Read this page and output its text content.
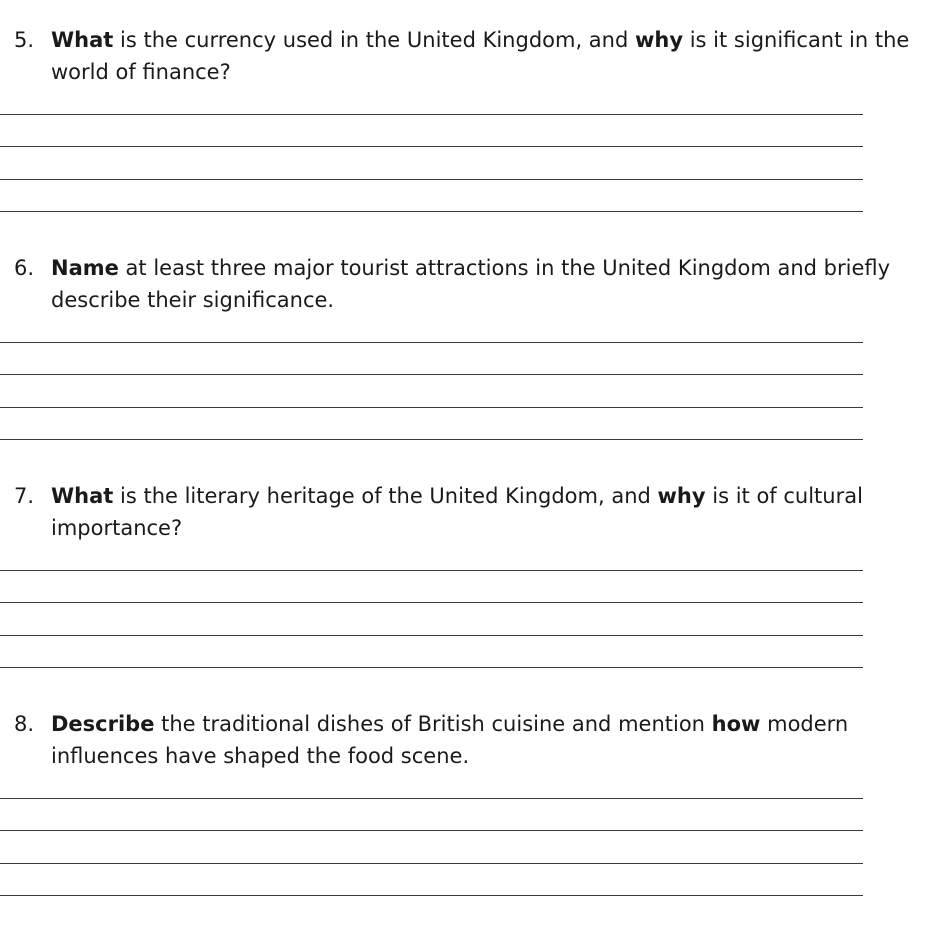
5. What is the currency used in the United Kingdom, and why is it significant in the world of finance?
6. Name at least three major tourist attractions in the United Kingdom and briefly describe their significance.
7. What is the literary heritage of the United Kingdom, and why is it of cultural importance?
8. Describe the traditional dishes of British cuisine and mention how modern influences have shaped the food scene.
